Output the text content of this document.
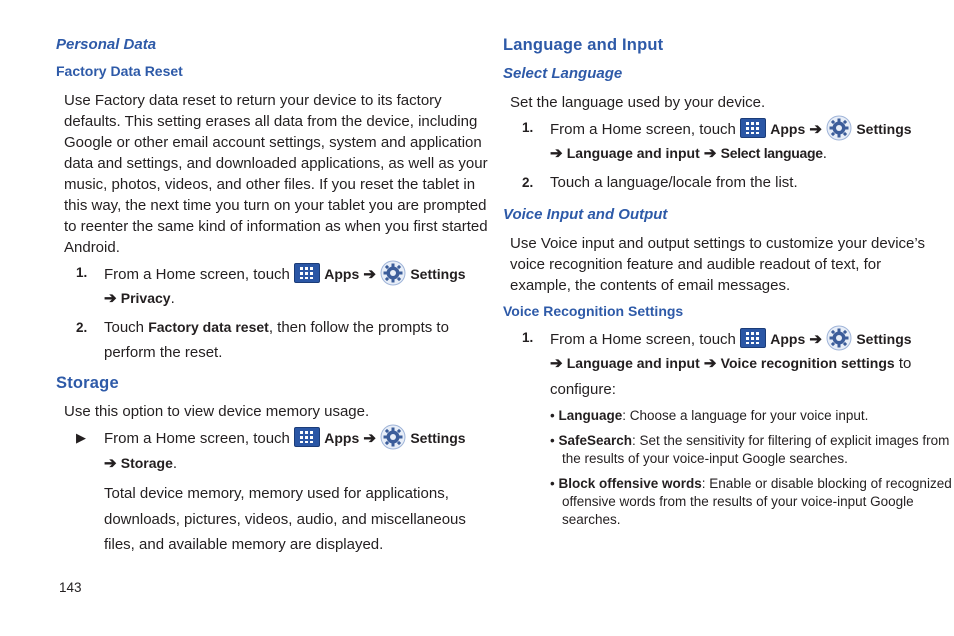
Personal Data
Factory Data Reset
Use Factory data reset to return your device to its factory
defaults. This setting erases all data from the device, including
Google or other email account settings, system and application
data and settings, and downloaded applications, as well as your
music, photos, videos, and other files. If you reset the tablet in
this way, the next time you turn on your tablet you are prompted
to reenter the same kind of information as when you first started
Android.
1. From a Home screen, touch Apps ➔ Settings
➔ Privacy.
2. Touch Factory data reset, then follow the prompts to
perform the reset.
Storage
Use this option to view device memory usage.
▶ From a Home screen, touch Apps ➔ Settings
➔ Storage.
Total device memory, memory used for applications,
downloads, pictures, videos, audio, and miscellaneous
files, and available memory are displayed.
143
Language and Input
Select Language
Set the language used by your device.
1. From a Home screen, touch Apps ➔ Settings
➔ Language and input ➔ Select language.
2. Touch a language/locale from the list.
Voice Input and Output
Use Voice input and output settings to customize your device’s
voice recognition feature and audible readout of text, for
example, the contents of email messages.
Voice Recognition Settings
1. From a Home screen, touch Apps ➔ Settings
➔ Language and input ➔ Voice recognition settings to
configure:
• Language: Choose a language for your voice input.
• SafeSearch: Set the sensitivity for filtering of explicit images from
the results of your voice-input Google searches.
• Block offensive words: Enable or disable blocking of recognized
offensive words from the results of your voice-input Google
searches.
